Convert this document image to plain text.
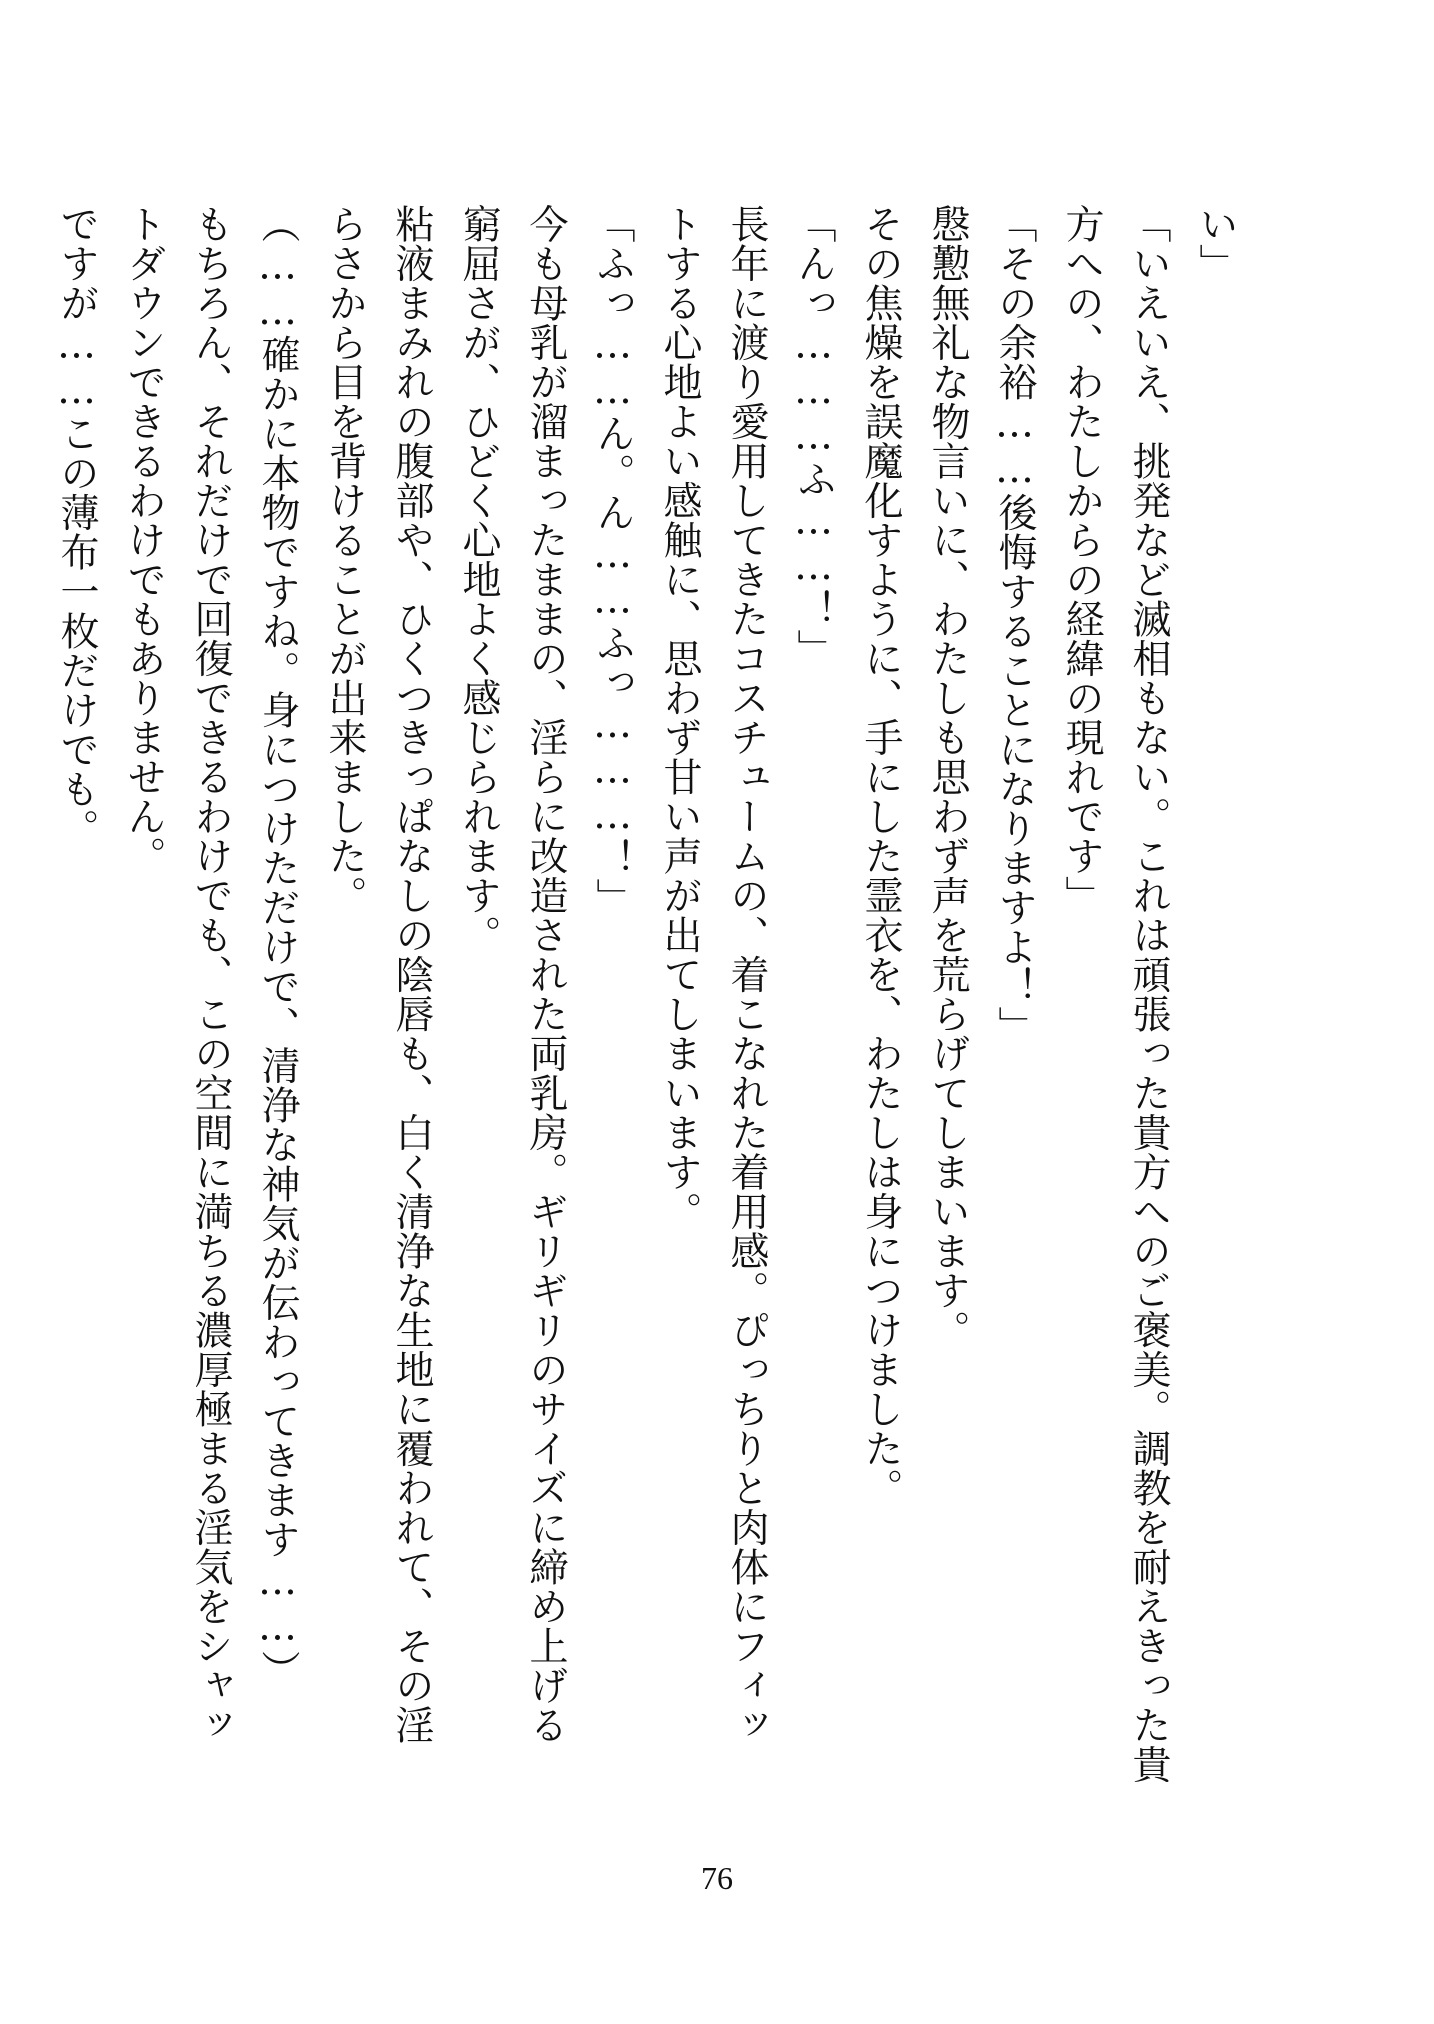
い」
「いえいえ、挑発など滅相もない。これは頑張った貴方へのご褒美。調教を耐えきった貴
方への、わたしからの経緯の現れです」
「その余裕……後悔することになりますよ！」
慇懃無礼な物言いに、わたしも思わず声を荒らげてしまいます。
その焦燥を誤魔化すように、手にした霊衣を、わたしは身につけました。
「んっ………ふ……！」
長年に渡り愛用してきたコスチュームの、着こなれた着用感。ぴっちりと肉体にフィッ
トする心地よい感触に、思わず甘い声が出てしまいます。
「ふっ……ん。ん……ふっ………！」
今も母乳が溜まったままの、淫らに改造された両乳房。ギリギリのサイズに締め上げる
窮屈さが、ひどく心地よく感じられます。
粘液まみれの腹部や、ひくつきっぱなしの陰唇も、白く清浄な生地に覆われて、その淫
らさから目を背けることが出来ました。
（……確かに本物ですね。身につけただけで、清浄な神気が伝わってきます……）
もちろん、それだけで回復できるわけでも、この空間に満ちる濃厚極まる淫気をシャッ
トダウンできるわけでもありません。
ですが……この薄布一枚だけでも。
76
